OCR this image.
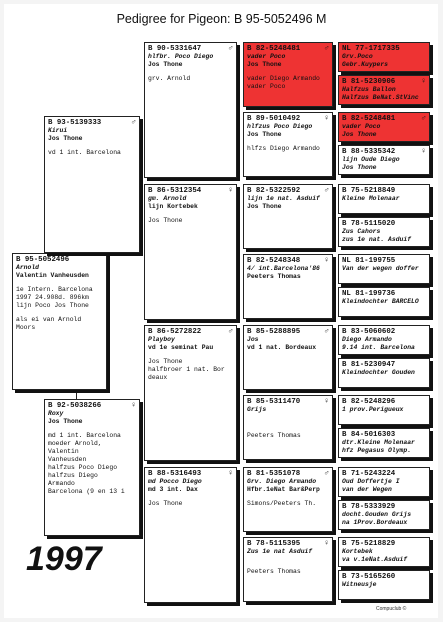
Pedigree for Pigeon: B 95-5052496 M
B 95-5052496
Arnold
Valentin Vanheusden
1e Intern. Barcelona
1997 24.908d. 896km
lijn Poco Jos Thone
als ei van Arnold
Moors
B 93-5139333	♂
Kirui
Jos Thone
vd 1 int. Barcelona
B 92-5038266	♀
Roxy
Jos Thone
md 1 int. Barcelona
moeder Arnold,
Valentin
Vanheusden
halfzus Poco Diego
halfzus Diego
Armando
Barcelona (9 en 13 i
B 90-5331647	♂
hlfbr. Poco Diego
Jos Thone
grv. Arnold
B 86-5312354	♀
gm. Arnold
lijn Kortebek
Jos Thone
B 86-5272822	♂
Playboy
vd 1e seminat Pau
Jos Thone
halfbroer 1 nat. Bor
deaux
B 88-5316493	♀
md Pocco Diego
md 3 int. Dax
Jos Thone
B 82-5248481	♂
vader Poco
Jos Thone
vader Diego Armando
vader Poco
B 89-5010492	♀
hlfzus Poco Diego
Jos Thone
hlfzs Diego Armando
B 82-5322592	♂
lijn 1e nat. Asduif
Jos Thone
B 82-5248348	♀
4/ int.Barcelona'86
Peeters Thomas
B 85-5288895	♂
Jos
vd 1 nat. Bordeaux
B 85-5311470	♀
Grijs
Peeters Thomas
B 81-5351078	♂
Grv. Diego Armando
Hfbr.1eNat Bar&Perp
Simons/Peeters Th.
B 78-5115395	♀
Zus 1e nat Asduif
Peeters Thomas
NL 77-1717335
Grv.Poco
Gebr.Kuypers
B 81-5230906	♀
Halfzus Ballon
Halfzus BeNat.StVinc
B 82-5248481	♂
vader Poco
Jos Thone
B 88-5335342	♀
lijn Oude Diego
Jos Thone
B 75-5218849
Kleine Molenaar
B 78-5115020
Zus Cahors
zus 1e nat. Asduif
NL 81-199755
Van der wegen doffer
NL 81-199736
Kleindochter BARCELO
B 83-5060602
Diego Armando
9.14 int. Barcelona
B 81-5230947
Kleindochter Gouden
B 82-5248296
1 prov.Perigueux
B 84-5016303
dtr.Kleine Molenaar
hfz Pegasus Olymp.
B 71-5243224
Oud Doffertje I
van der Wegen
B 78-5333929
docht.Gouden Grijs
na 1Prov.Bordeaux
B 75-5218829
Kortebek
va v.1eNat.Asduif
B 73-5165260
Witneusje
1997
Compuclub ©
